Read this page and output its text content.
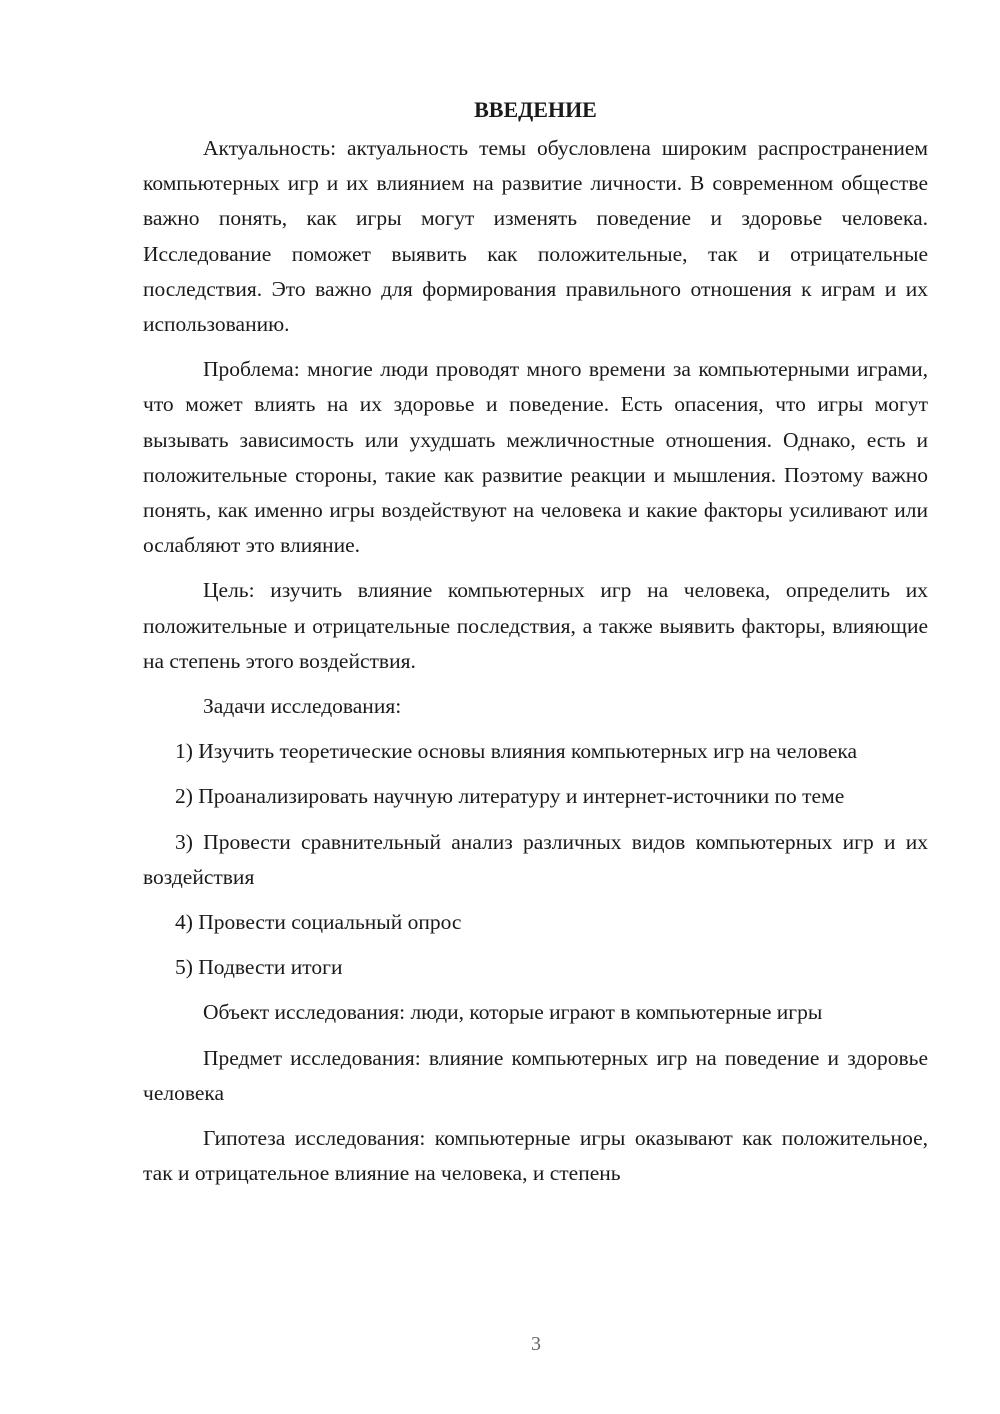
ВВЕДЕНИЕ

Актуальность: актуальность темы обусловлена широким распространением компьютерных игр и их влиянием на развитие личности. В современном обществе важно понять, как игры могут изменять поведение и здоровье человека. Исследование поможет выявить как положительные, так и отрицательные последствия. Это важно для формирования правильного отношения к играм и их использованию.

Проблема: многие люди проводят много времени за компьютерными играми, что может влиять на их здоровье и поведение. Есть опасения, что игры могут вызывать зависимость или ухудшать межличностные отношения. Однако, есть и положительные стороны, такие как развитие реакции и мышления. Поэтому важно понять, как именно игры воздействуют на человека и какие факторы усиливают или ослабляют это влияние.

Цель: изучить влияние компьютерных игр на человека, определить их положительные и отрицательные последствия, а также выявить факторы, влияющие на степень этого воздействия.

Задачи исследования:

1) Изучить теоретические основы влияния компьютерных игр на человека

2) Проанализировать научную литературу и интернет-источники по теме

3) Провести сравнительный анализ различных видов компьютерных игр и их воздействия

4) Провести социальный опрос

5) Подвести итоги

Объект исследования: люди, которые играют в компьютерные игры

Предмет исследования: влияние компьютерных игр на поведение и здоровье человека

Гипотеза исследования: компьютерные игры оказывают как положительное, так и отрицательное влияние на человека, и степень

3
